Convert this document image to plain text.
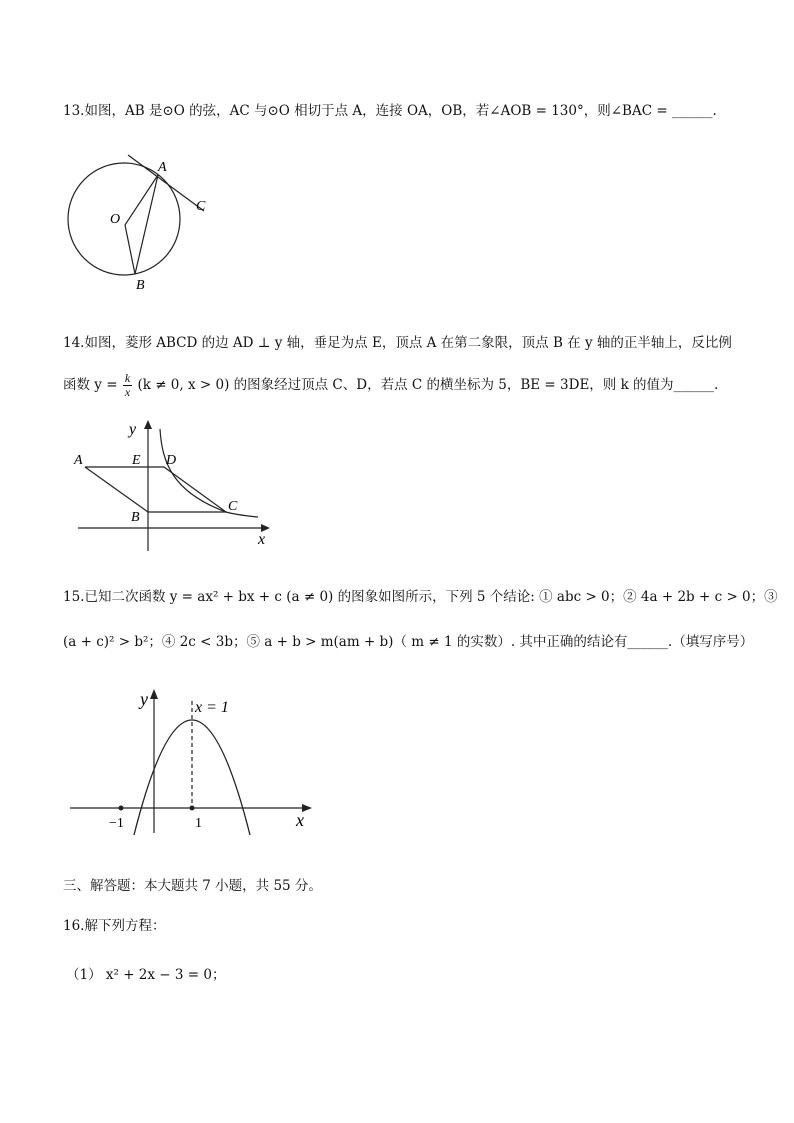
13.如图，AB 是⊙O 的弦，AC 与⊙O 相切于点 A，连接 OA，OB，若∠AOB = 130°，则∠BAC = ______.
A
O
B
C
14.如图，菱形 ABCD 的边 AD ⊥ y 轴，垂足为点 E，顶点 A 在第二象限，顶点 B 在 y 轴的正半轴上，反比例
函数 $y = \frac{k}{x} (k \ne 0$, x > 0) 的图象经过顶点 C、D，若点 C 的横坐标为 5，BE = 3DE，则 k 的值为______.
A	E D
B
C
x
y
15.已知二次函数 y = ax² + bx + c (a ≠ 0) 的图象如图所示，下列 5 个结论: ① abc > 0；② 4a + 2b + c > 0；③
(a + c)² > b²；④ 2c < 3b；⑤ a + b > m(am + b)（ m ≠ 1 的实数）. 其中正确的结论有______.（填写序号）
x = 1
−1	1	x
y
三、解答题：本大题共 7 小题，共 55 分。
16.解下列方程：
（1） x² + 2x − 3 = 0；
